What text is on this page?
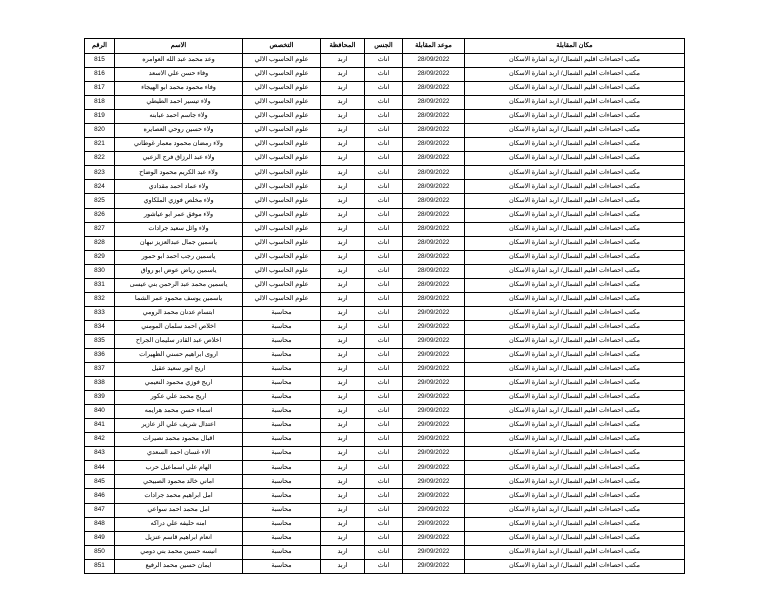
مكان المقابلة	موعد المقابلة	الجنس	المحافظة	التخصص	الاسم	الرقم
مكتب احصاءات اقليم الشمال/ اربد اشارة الاسكان	28/09/2022	اناث	اربد	علوم الحاسوب الالي	وعد محمد عبد الله العوامره	815
مكتب احصاءات اقليم الشمال/ اربد اشارة الاسكان	28/09/2022	اناث	اربد	علوم الحاسوب الالي	وفاء حسن علي الاسعد	816
مكتب احصاءات اقليم الشمال/ اربد اشارة الاسكان	28/09/2022	اناث	اربد	علوم الحاسوب الالي	وفاء محمود محمد ابو الهيجاء	817
مكتب احصاءات اقليم الشمال/ اربد اشارة الاسكان	28/09/2022	اناث	اربد	علوم الحاسوب الالي	ولاء تيسير احمد الطيطي	818
مكتب احصاءات اقليم الشمال/ اربد اشارة الاسكان	28/09/2022	اناث	اربد	علوم الحاسوب الالي	ولاء جاسم احمد عبابنه	819
مكتب احصاءات اقليم الشمال/ اربد اشارة الاسكان	28/09/2022	اناث	اربد	علوم الحاسوب الالي	ولاء حسين روحي العصايره	820
مكتب احصاءات اقليم الشمال/ اربد اشارة الاسكان	28/09/2022	اناث	اربد	علوم الحاسوب الالي	ولاء رمضان محمود معمار غوطاني	821
مكتب احصاءات اقليم الشمال/ اربد اشارة الاسكان	28/09/2022	اناث	اربد	علوم الحاسوب الالي	ولاء عبد الرزاق فرج الزعبي	822
مكتب احصاءات اقليم الشمال/ اربد اشارة الاسكان	28/09/2022	اناث	اربد	علوم الحاسوب الالي	ولاء عبد الكريم محمود الوضاح	823
مكتب احصاءات اقليم الشمال/ اربد اشارة الاسكان	28/09/2022	اناث	اربد	علوم الحاسوب الالي	ولاء عماد احمد مقدادي	824
مكتب احصاءات اقليم الشمال/ اربد اشارة الاسكان	28/09/2022	اناث	اربد	علوم الحاسوب الالي	ولاء مخلص فوزي الملكاوي	825
مكتب احصاءات اقليم الشمال/ اربد اشارة الاسكان	28/09/2022	اناث	اربد	علوم الحاسوب الالي	ولاء موفق عمر ابو عياشور	826
مكتب احصاءات اقليم الشمال/ اربد اشارة الاسكان	28/09/2022	اناث	اربد	علوم الحاسوب الالي	ولاء وائل سعيد جرادات	827
مكتب احصاءات اقليم الشمال/ اربد اشارة الاسكان	28/09/2022	اناث	اربد	علوم الحاسوب الالي	ياسمين جمال عبدالعزيز نبهان	828
مكتب احصاءات اقليم الشمال/ اربد اشارة الاسكان	28/09/2022	اناث	اربد	علوم الحاسوب الالي	ياسمين رجب احمد ابو حمور	829
مكتب احصاءات اقليم الشمال/ اربد اشارة الاسكان	28/09/2022	اناث	اربد	علوم الحاسوب الالي	ياسمين رياض عوض ابو رواق	830
مكتب احصاءات اقليم الشمال/ اربد اشارة الاسكان	28/09/2022	اناث	اربد	علوم الحاسوب الالي	ياسمين محمد عبد الرحمن بني عيسى	831
مكتب احصاءات اقليم الشمال/ اربد اشارة الاسكان	28/09/2022	اناث	اربد	علوم الحاسوب الالي	ياسمين يوسف محمود عمر الشما	832
مكتب احصاءات اقليم الشمال/ اربد اشارة الاسكان	29/09/2022	اناث	اربد	محاسبة	ابتسام عدنان محمد الرومي	833
مكتب احصاءات اقليم الشمال/ اربد اشارة الاسكان	29/09/2022	اناث	اربد	محاسبة	اخلاص احمد سلمان المومني	834
مكتب احصاءات اقليم الشمال/ اربد اشارة الاسكان	29/09/2022	اناث	اربد	محاسبة	اخلاص عبد القادر سليمان الجراح	835
مكتب احصاءات اقليم الشمال/ اربد اشارة الاسكان	29/09/2022	اناث	اربد	محاسبة	اروى ابراهيم حسني الظهيرات	836
مكتب احصاءات اقليم الشمال/ اربد اشارة الاسكان	29/09/2022	اناث	اربد	محاسبة	اريج انور سعيد عقيل	837
مكتب احصاءات اقليم الشمال/ اربد اشارة الاسكان	29/09/2022	اناث	اربد	محاسبة	اريج فوزي محمود النعيمي	838
مكتب احصاءات اقليم الشمال/ اربد اشارة الاسكان	29/09/2022	اناث	اربد	محاسبة	اريج محمد علي عكور	839
مكتب احصاءات اقليم الشمال/ اربد اشارة الاسكان	29/09/2022	اناث	اربد	محاسبة	اسماء حسن محمد هرايمه	840
مكتب احصاءات اقليم الشمال/ اربد اشارة الاسكان	29/09/2022	اناث	اربد	محاسبة	اعتدال شريف علي الز عازير	841
مكتب احصاءات اقليم الشمال/ اربد اشارة الاسكان	29/09/2022	اناث	اربد	محاسبة	اقبال محمود محمد نصيرات	842
مكتب احصاءات اقليم الشمال/ اربد اشارة الاسكان	29/09/2022	اناث	اربد	محاسبة	الاء غسان احمد السعدي	843
مكتب احصاءات اقليم الشمال/ اربد اشارة الاسكان	29/09/2022	اناث	اربد	محاسبة	الهام علي اسماعيل حرب	844
مكتب احصاءات اقليم الشمال/ اربد اشارة الاسكان	29/09/2022	اناث	اربد	محاسبة	اماني خالد محمود الصبيحي	845
مكتب احصاءات اقليم الشمال/ اربد اشارة الاسكان	29/09/2022	اناث	اربد	محاسبة	امل ابراهيم محمد جرادات	846
مكتب احصاءات اقليم الشمال/ اربد اشارة الاسكان	29/09/2022	اناث	اربد	محاسبة	امل محمد احمد سواعي	847
مكتب احصاءات اقليم الشمال/ اربد اشارة الاسكان	29/09/2022	اناث	اربد	محاسبة	امنه حليفه علي دراكه	848
مكتب احصاءات اقليم الشمال/ اربد اشارة الاسكان	29/09/2022	اناث	اربد	محاسبة	انعام ابراهيم قاسم عنزيل	849
مكتب احصاءات اقليم الشمال/ اربد اشارة الاسكان	29/09/2022	اناث	اربد	محاسبة	انيسه حسين محمد بني دومي	850
مكتب احصاءات اقليم الشمال/ اربد اشارة الاسكان	29/09/2022	اناث	اربد	محاسبة	ايمان حسين محمد الرفيع	851
